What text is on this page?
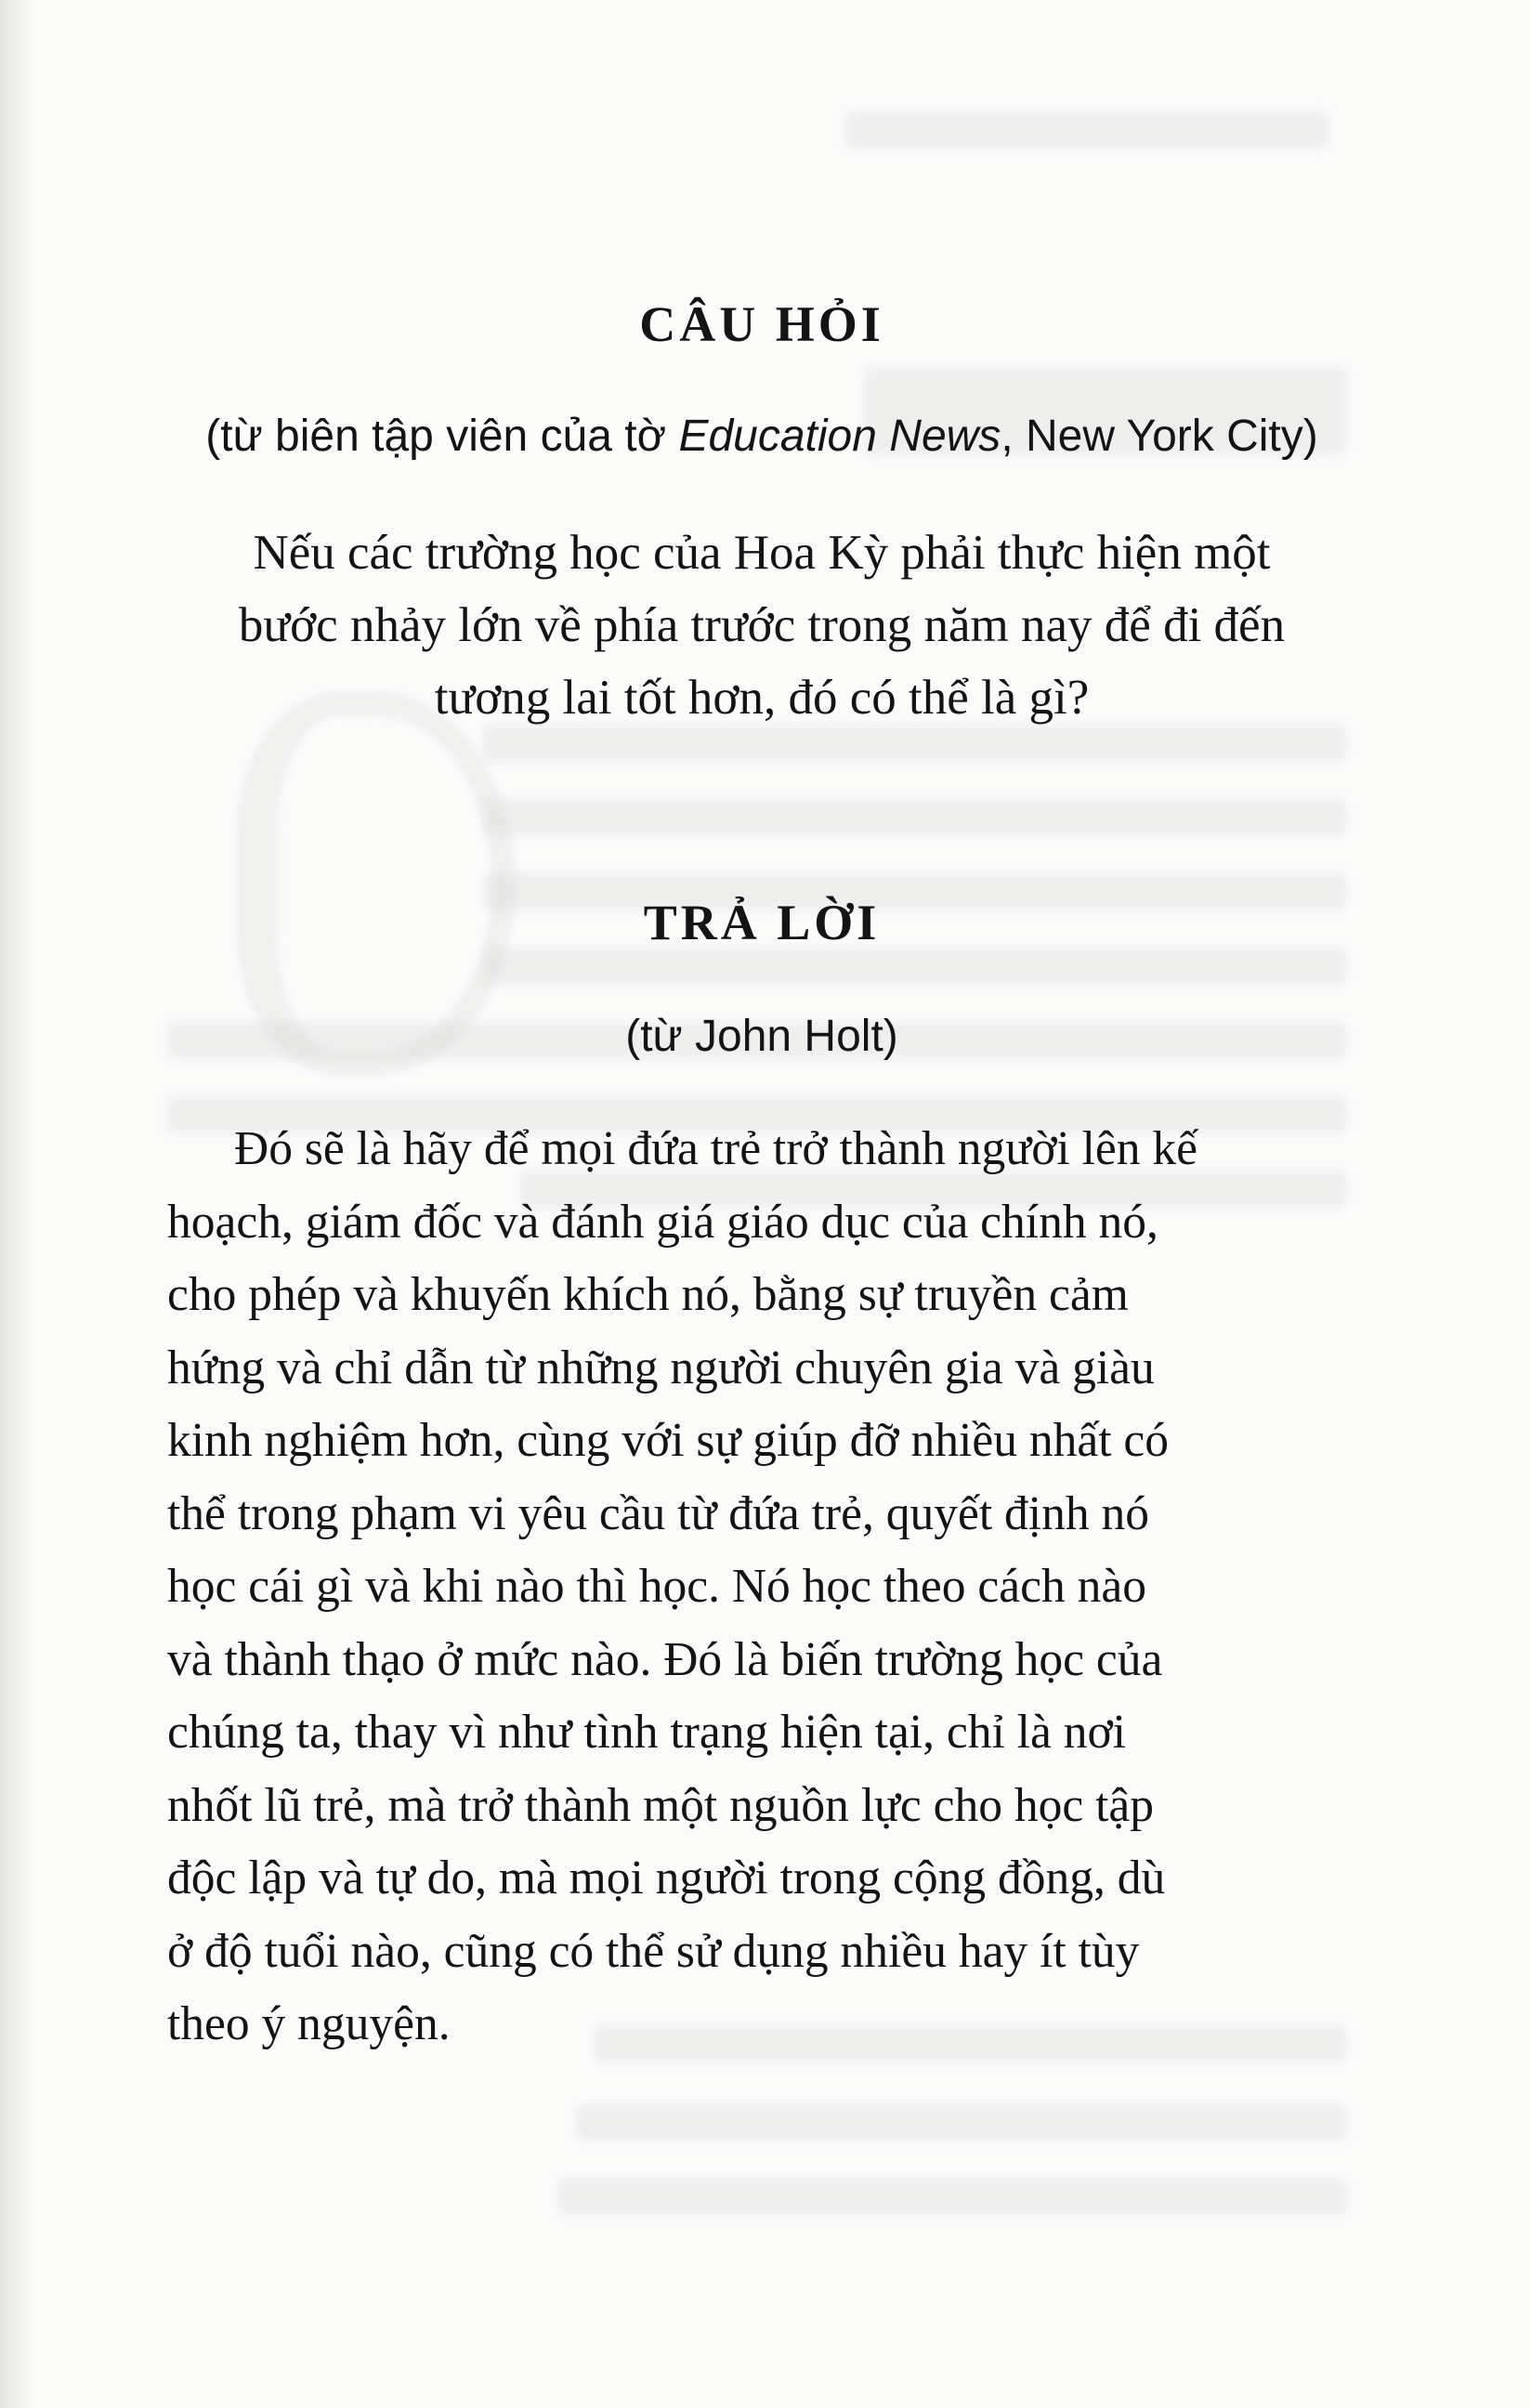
CÂU HỎI

(từ biên tập viên của tờ Education News, New York City)

Nếu các trường học của Hoa Kỳ phải thực hiện một
bước nhảy lớn về phía trước trong năm nay để đi đến
tương lai tốt hơn, đó có thể là gì?
TRẢ LỜI

(từ John Holt)

Đó sẽ là hãy để mọi đứa trẻ trở thành người lên kế
hoạch, giám đốc và đánh giá giáo dục của chính nó,
cho phép và khuyến khích nó, bằng sự truyền cảm
hứng và chỉ dẫn từ những người chuyên gia và giàu
kinh nghiệm hơn, cùng với sự giúp đỡ nhiều nhất có
thể trong phạm vi yêu cầu từ đứa trẻ, quyết định nó
học cái gì và khi nào thì học. Nó học theo cách nào
và thành thạo ở mức nào. Đó là biến trường học của
chúng ta, thay vì như tình trạng hiện tại, chỉ là nơi
nhốt lũ trẻ, mà trở thành một nguồn lực cho học tập
độc lập và tự do, mà mọi người trong cộng đồng, dù
ở độ tuổi nào, cũng có thể sử dụng nhiều hay ít tùy
theo ý nguyện.
